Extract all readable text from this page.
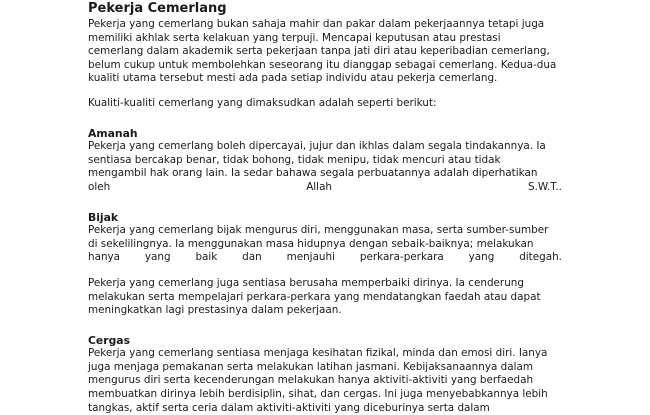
Pekerja Cemerlang
Pekerja yang cemerlang bukan sahaja mahir dan pakar dalam pekerjaannya tetapi juga
memiliki akhlak serta kelakuan yang terpuji. Mencapai keputusan atau prestasi
cemerlang dalam akademik serta pekerjaan tanpa jati diri atau keperibadian cemerlang,
belum cukup untuk membolehkan seseorang itu dianggap sebagai cemerlang. Kedua-dua
kualiti utama tersebut mesti ada pada setiap individu atau pekerja cemerlang.
Kualiti-kualiti cemerlang yang dimaksudkan adalah seperti berikut:
Amanah
Pekerja yang cemerlang boleh dipercayai, jujur dan ikhlas dalam segala tindakannya. Ia
sentiasa bercakap benar, tidak bohong, tidak menipu, tidak mencuri atau tidak
mengambil hak orang lain. Ia sedar bahawa segala perbuatannya adalah diperhatikan
oleh	Allah	S.W.T..
Bijak
Pekerja yang cemerlang bijak mengurus diri, menggunakan masa, serta sumber-sumber
di sekelilingnya. Ia menggunakan masa hidupnya dengan sebaik-baiknya; melakukan
hanya yang baik dan menjauhi perkara-perkara yang ditegah.
Pekerja yang cemerlang juga sentiasa berusaha memperbaiki dirinya. Ia cenderung
melakukan serta mempelajari perkara-perkara yang mendatangkan faedah atau dapat
meningkatkan lagi prestasinya dalam pekerjaan.
Cergas
Pekerja yang cemerlang sentiasa menjaga kesihatan fizikal, minda dan emosi diri. Ianya
juga menjaga pemakanan serta melakukan latihan jasmani. Kebijaksanaannya dalam
mengurus diri serta kecenderungan melakukan hanya aktiviti-aktiviti yang berfaedah
membuatkan dirinya lebih berdisiplin, sihat, dan cergas. Ini juga menyebabkannya lebih
tangkas, aktif serta ceria dalam aktiviti-aktiviti yang diceburinya serta dalam
